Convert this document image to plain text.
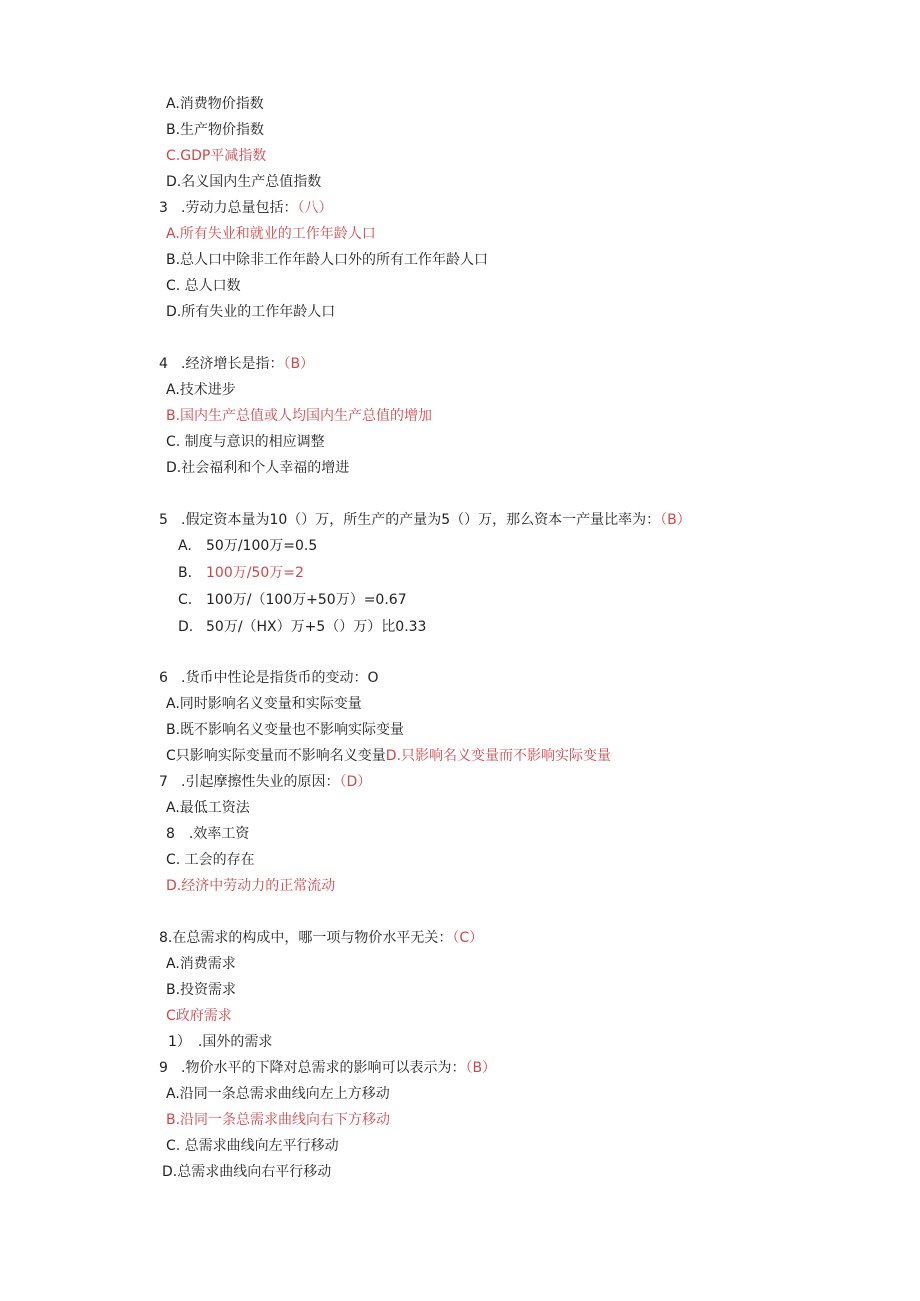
A.消费物价指数
B.生产物价指数
C.GDP平减指数
D.名义国内生产总值指数
3 .劳动力总量包括：（八）
A.所有失业和就业的工作年龄人口
B.总人口中除非工作年龄人口外的所有工作年龄人口
C. 总人口数
D.所有失业的工作年龄人口
4 .经济增长是指：（B）
A.技术进步
B.国内生产总值或人均国内生产总值的增加
C. 制度与意识的相应调整
D.社会福利和个人幸福的增进
5 .假定资本量为10（）万，所生产的产量为5（）万，那么资本一产量比率为：（B）
A. 50万/100万=0.5
B. 100万/50万=2
C. 100万/（100万+50万）=0.67
D. 50万/（HX）万+5（）万）比0.33
6 .货币中性论是指货币的变动：O
A.同时影响名义变量和实际变量
B.既不影响名义变量也不影响实际变量
C只影响实际变量而不影响名义变量D.只影响名义变量而不影响实际变量
7 .引起摩擦性失业的原因：（D）
A.最低工资法
8　.效率工资
C. 工会的存在
D.经济中劳动力的正常流动
8.在总需求的构成中，哪一项与物价水平无关：（C）
A.消费需求
B.投资需求
C政府需求
1）　.国外的需求
9 .物价水平的下降对总需求的影响可以表示为：（B）
A.沿同一条总需求曲线向左上方移动
B.沿同一条总需求曲线向右下方移动
C. 总需求曲线向左平行移动
D.总需求曲线向右平行移动
